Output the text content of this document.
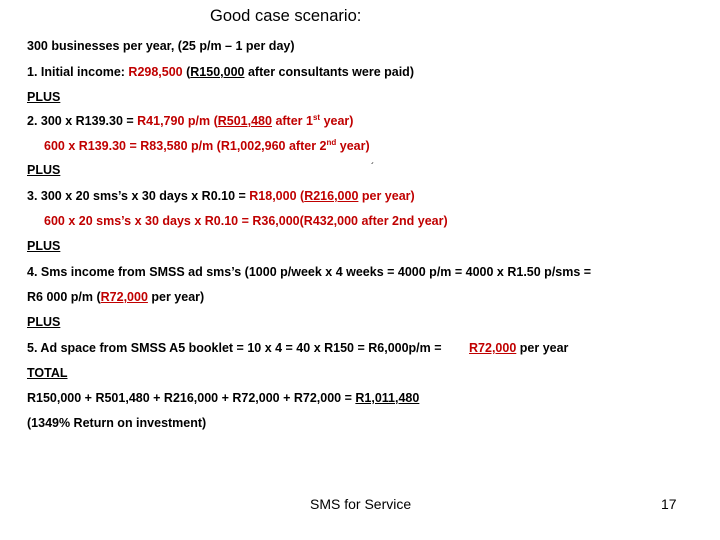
Good case scenario:
300 businesses per year, (25 p/m – 1 per day)
1. Initial income: R298,500 (R150,000 after consultants were paid)
PLUS
2. 300 x R139.30 = R41,790 p/m (R501,480 after 1st year)
600 x R139.30 = R83,580 p/m (R1,002,960 after 2nd year)
PLUS	´
3. 300 x 20 sms’s x 30 days x R0.10 = R18,000 (R216,000 per year)
600 x 20 sms’s x 30 days x R0.10 = R36,000(R432,000 after 2nd year)
PLUS
4. Sms income from SMSS ad sms’s (1000 p/week x 4 weeks = 4000 p/m = 4000 x R1.50 p/sms =
R6 000 p/m (R72,000 per year)
PLUS
5. Ad space from SMSS A5 booklet = 10 x 4 = 40 x R150 = R6,000p/m = R72,000 per year
TOTAL
R150,000 + R501,480 + R216,000 + R72,000 + R72,000 = R1,011,480
(1349% Return on investment)
SMS for Service	17
